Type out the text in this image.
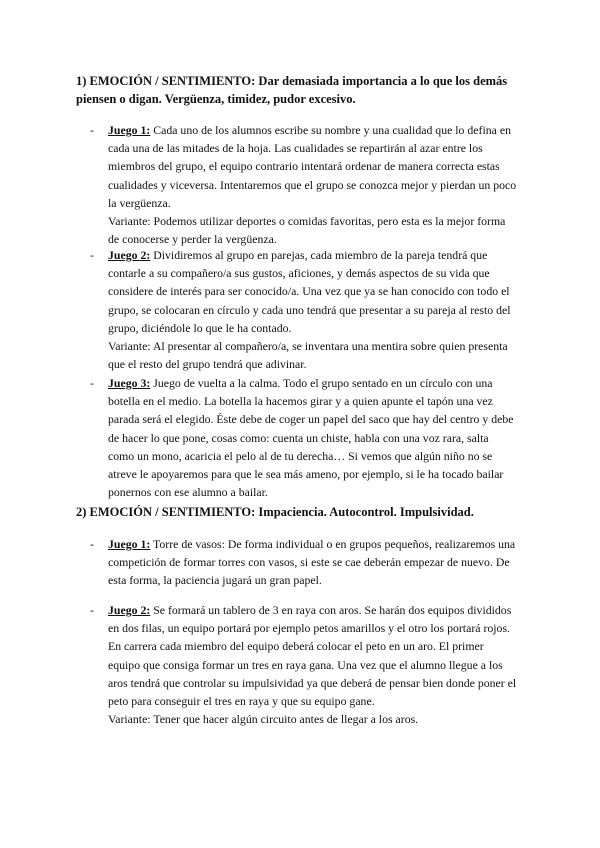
1) EMOCIÓN / SENTIMIENTO: Dar demasiada importancia a lo que los demás
piensen o digan. Vergüenza, timidez, pudor excesivo.
- Juego 1: Cada uno de los alumnos escribe su nombre y una cualidad que lo defina en
cada una de las mitades de la hoja. Las cualidades se repartirán al azar entre los
miembros del grupo, el equipo contrario intentará ordenar de manera correcta estas
cualidades y viceversa. Intentaremos que el grupo se conozca mejor y pierdan un poco
la vergüenza.
Variante: Podemos utilizar deportes o comidas favoritas, pero esta es la mejor forma
de conocerse y perder la vergüenza.
- Juego 2: Dividiremos al grupo en parejas, cada miembro de la pareja tendrá que
contarle a su compañero/a sus gustos, aficiones, y demás aspectos de su vida que
considere de interés para ser conocido/a. Una vez que ya se han conocido con todo el
grupo, se colocaran en círculo y cada uno tendrá que presentar a su pareja al resto del
grupo, diciéndole lo que le ha contado.
Variante: Al presentar al compañero/a, se inventara una mentira sobre quien presenta
que el resto del grupo tendrá que adivinar.
- Juego 3: Juego de vuelta a la calma. Todo el grupo sentado en un círculo con una
botella en el medio. La botella la hacemos girar y a quien apunte el tapón una vez
parada será el elegido. Éste debe de coger un papel del saco que hay del centro y debe
de hacer lo que pone, cosas como: cuenta un chiste, habla con una voz rara, salta
como un mono, acaricia el pelo al de tu derecha… Si vemos que algún niño no se
atreve le apoyaremos para que le sea más ameno, por ejemplo, si le ha tocado bailar
ponernos con ese alumno a bailar.
2) EMOCIÓN / SENTIMIENTO: Impaciencia. Autocontrol. Impulsividad.
- Juego 1: Torre de vasos: De forma individual o en grupos pequeños, realizaremos una
competición de formar torres con vasos, si este se cae deberán empezar de nuevo. De
esta forma, la paciencia jugará un gran papel.
- Juego 2: Se formará un tablero de 3 en raya con aros. Se harán dos equipos divididos
en dos filas, un equipo portará por ejemplo petos amarillos y el otro los portará rojos.
En carrera cada miembro del equipo deberá colocar el peto en un aro. El primer
equipo que consiga formar un tres en raya gana. Una vez que el alumno llegue a los
aros tendrá que controlar su impulsividad ya que deberá de pensar bien donde poner el
peto para conseguir el tres en raya y que su equipo gane.
Variante: Tener que hacer algún circuito antes de llegar a los aros.
